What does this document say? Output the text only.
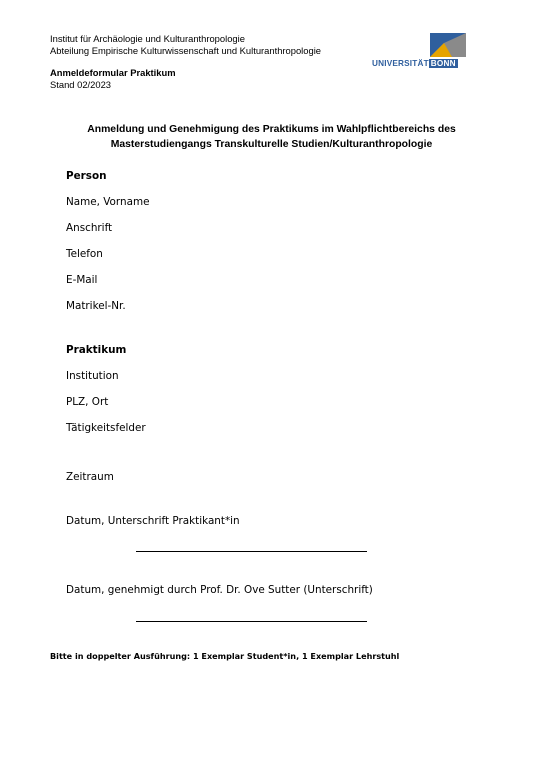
Institut für Archäologie und Kulturanthropologie

Abteilung Empirische Kulturwissenschaft und Kulturanthropologie

Anmeldeformular Praktikum

Stand 02/2023

UNIVERSITÄT BONN

Anmeldung und Genehmigung des Praktikums im Wahlpflichtbereichs des

Masterstudiengangs Transkulturelle Studien/Kulturanthropologie

Person

Name, Vorname

Anschrift

Telefon

E-Mail

Matrikel-Nr.

Praktikum

Institution

PLZ, Ort

Tätigkeitsfelder

Zeitraum

Datum, Unterschrift Praktikant*in

Datum, genehmigt durch Prof. Dr. Ove Sutter (Unterschrift)

Bitte in doppelter Ausführung: 1 Exemplar Student*in, 1 Exemplar Lehrstuhl
